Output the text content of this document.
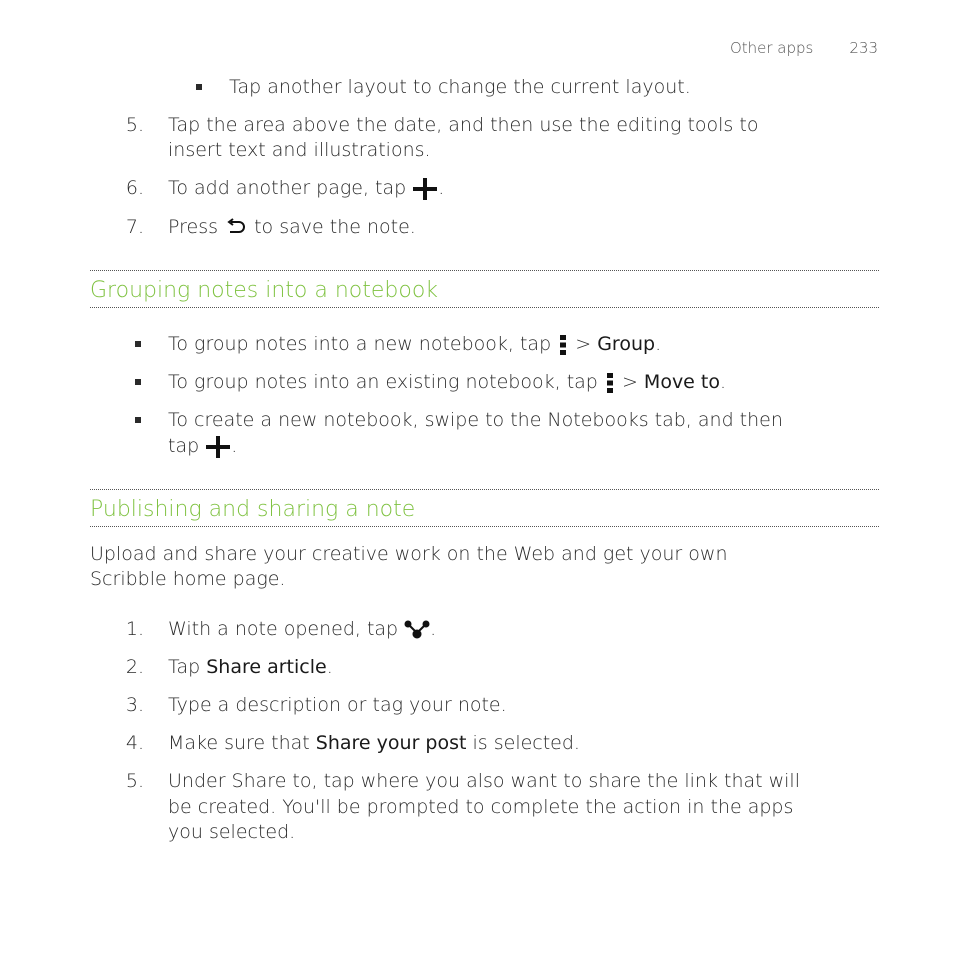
Other apps 233
Tap another layout to change the current layout.
5. Tap the area above the date, and then use the editing tools to
insert text and illustrations.
6. To add another page, tap .
7. Press to save the note.
Grouping notes into a notebook
To group notes into a new notebook, tap > Group.
To group notes into an existing notebook, tap > Move to.
To create a new notebook, swipe to the Notebooks tab, and then
tap .
Publishing and sharing a note
Upload and share your creative work on the Web and get your own
Scribble home page.
1. With a note opened, tap .
2. Tap Share article.
3. Type a description or tag your note.
4. Make sure that Share your post is selected.
5. Under Share to, tap where you also want to share the link that will
be created. You'll be prompted to complete the action in the apps
you selected.
